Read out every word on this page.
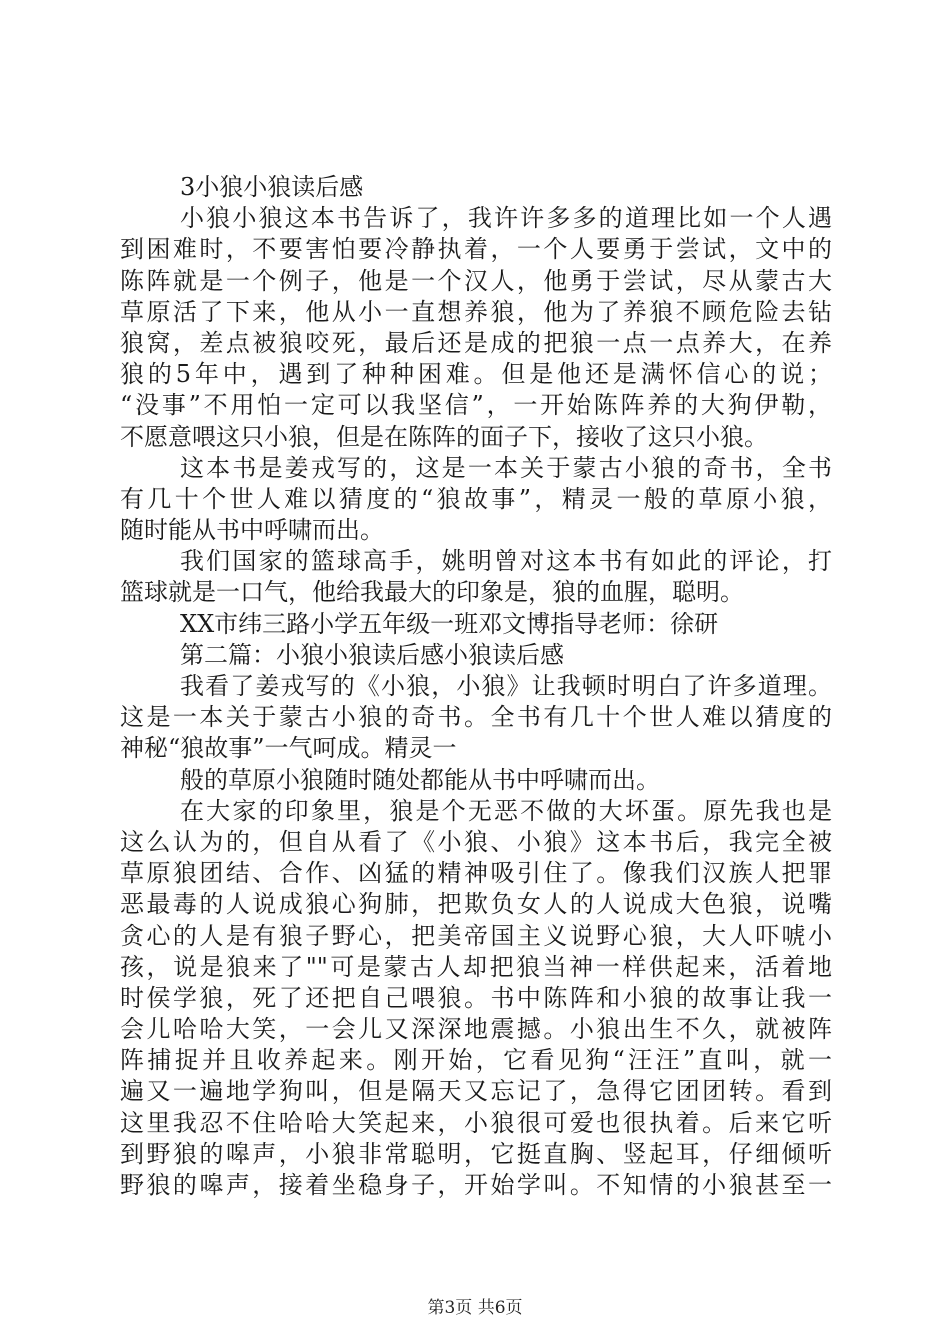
3小狼小狼读后感

小狼小狼这本书告诉了，我许许多多的道理比如一个人遇

到困难时，不要害怕要冷静执着，一个人要勇于尝试，文中的

陈阵就是一个例子，他是一个汉人，他勇于尝试，尽从蒙古大

草原活了下来，他从小一直想养狼，他为了养狼不顾危险去钻

狼窝，差点被狼咬死，最后还是成的把狼一点一点养大，在养

狼的5年中，遇到了种种困难。但是他还是满怀信心的说；

“没事”不用怕一定可以我坚信”，一开始陈阵养的大狗伊勒，

不愿意喂这只小狼，但是在陈阵的面子下，接收了这只小狼。

这本书是姜戎写的，这是一本关于蒙古小狼的奇书，全书

有几十个世人难以猜度的“狼故事”，精灵一般的草原小狼，

随时能从书中呼啸而出。

我们国家的篮球高手，姚明曾对这本书有如此的评论，打

篮球就是一口气，他给我最大的印象是，狼的血腥，聪明。

XX市纬三路小学五年级一班邓文博指导老师：徐研

第二篇：小狼小狼读后感小狼读后感

我看了姜戎写的《小狼，小狼》让我顿时明白了许多道理。

这是一本关于蒙古小狼的奇书。全书有几十个世人难以猜度的

神秘“狼故事”一气呵成。精灵一

般的草原小狼随时随处都能从书中呼啸而出。

在大家的印象里，狼是个无恶不做的大坏蛋。原先我也是

这么认为的，但自从看了《小狼、小狼》这本书后，我完全被

草原狼团结、合作、凶猛的精神吸引住了。像我们汉族人把罪

恶最毒的人说成狼心狗肺，把欺负女人的人说成大色狼，说嘴

贪心的人是有狼子野心，把美帝国主义说野心狼，大人吓唬小

孩，说是狼来了""可是蒙古人却把狼当神一样供起来，活着地

时侯学狼，死了还把自己喂狼。书中陈阵和小狼的故事让我一

会儿哈哈大笑，一会儿又深深地震撼。小狼出生不久，就被阵

阵捕捉并且收养起来。刚开始，它看见狗“汪汪”直叫，就一

遍又一遍地学狗叫，但是隔天又忘记了，急得它团团转。看到

这里我忍不住哈哈大笑起来，小狼很可爱也很执着。后来它听

到野狼的嗥声，小狼非常聪明，它挺直胸、竖起耳，仔细倾听

野狼的嗥声，接着坐稳身子，开始学叫。不知情的小狼甚至一

第3页 共6页
